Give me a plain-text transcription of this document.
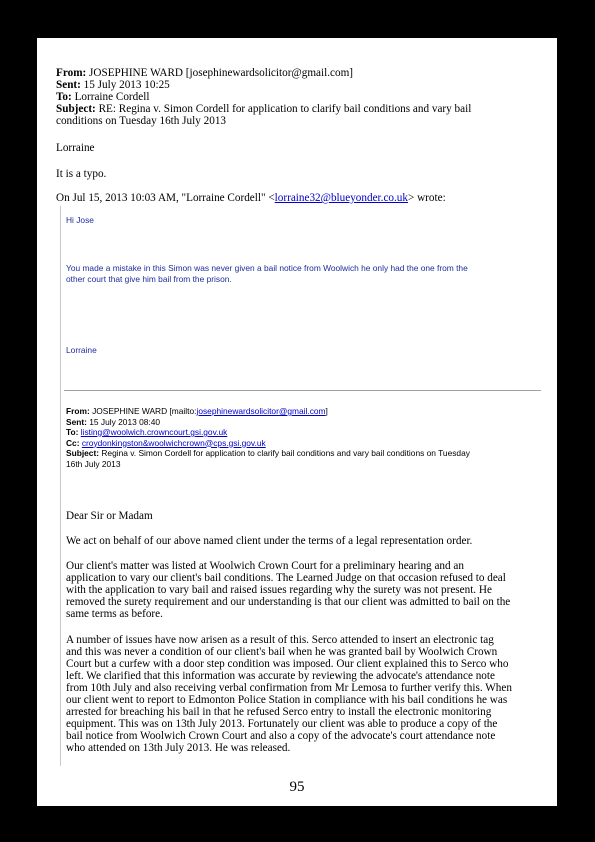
From: JOSEPHINE WARD [josephinewardsolicitor@gmail.com]
Sent: 15 July 2013 10:25
To: Lorraine Cordell
Subject: RE: Regina v. Simon Cordell for application to clarify bail conditions and vary bail
conditions on Tuesday 16th July 2013
Lorraine
It is a typo.
On Jul 15, 2013 10:03 AM, "Lorraine Cordell" <lorraine32@blueyonder.co.uk> wrote:
Hi Jose
You made a mistake in this Simon was never given a bail notice from Woolwich he only had the one from the
other court that give him bail from the prison.
Lorraine
From: JOSEPHINE WARD [mailto:josephinewardsolicitor@gmail.com]
Sent: 15 July 2013 08:40
To: listing@woolwich.crowncourt.gsi.gov.uk
Cc: croydonkingston&woolwichcrown@cps.gsi.gov.uk
Subject: Regina v. Simon Cordell for application to clarify bail conditions and vary bail conditions on Tuesday
16th July 2013
Dear Sir or Madam
We act on behalf of our above named client under the terms of a legal representation order.
Our client's matter was listed at Woolwich Crown Court for a preliminary hearing and an
application to vary our client's bail conditions. The Learned Judge on that occasion refused to deal
with the application to vary bail and raised issues regarding why the surety was not present. He
removed the surety requirement and our understanding is that our client was admitted to bail on the
same terms as before.
A number of issues have now arisen as a result of this. Serco attended to insert an electronic tag
and this was never a condition of our client's bail when he was granted bail by Woolwich Crown
Court but a curfew with a door step condition was imposed. Our client explained this to Serco who
left. We clarified that this information was accurate by reviewing the advocate's attendance note
from 10th July and also receiving verbal confirmation from Mr Lemosa to further verify this. When
our client went to report to Edmonton Police Station in compliance with his bail conditions he was
arrested for breaching his bail in that he refused Serco entry to install the electronic monitoring
equipment. This was on 13th July 2013. Fortunately our client was able to produce a copy of the
bail notice from Woolwich Crown Court and also a copy of the advocate's court attendance note
who attended on 13th July 2013. He was released.
95
